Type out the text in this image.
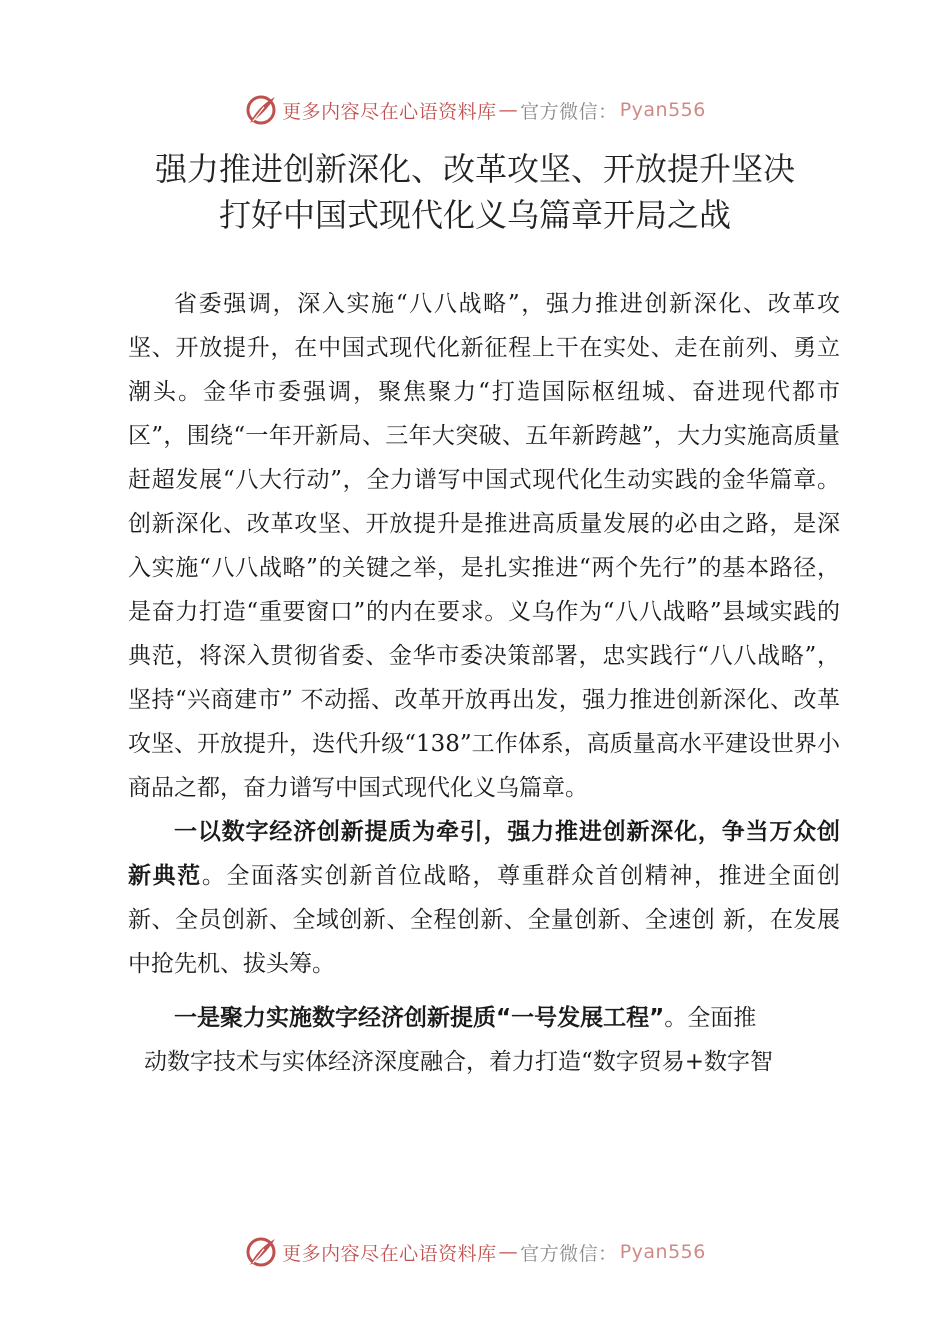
更多内容尽在心语资料库 — 官方微信： Pyan556
强力推进创新深化、改革攻坚、开放提升坚决
打好中国式现代化义乌篇章开局之战

省委强调，深入实施“八八战略”，强力推进创新深化、改革攻坚、开放提升，在中国式现代化新征程上干在实处、走在前列、勇立潮头。金华市委强调，聚焦聚力“打造国际枢纽城、奋进现代都市区”，围绕“一年开新局、三年大突破、五年新跨越”，大力实施高质量赶超发展“八大行动”，全力谱写中国式现代化生动实践的金华篇章。创新深化、改革攻坚、开放提升是推进高质量发展的必由之路，是深入实施“八八战略”的关键之举，是扎实推进“两个先行”的基本路径，是奋力打造“重要窗口”的内在要求。义乌作为“八八战略”县域实践的典范，将深入贯彻省委、金华市委决策部署，忠实践行“八八战略”，坚持“兴商建市” 不动摇、改革开放再出发，强力推进创新深化、改革攻坚、开放提升，迭代升级“138”工作体系，高质量高水平建设世界小商品之都，奋力谱写中国式现代化义乌篇章。

一以数字经济创新提质为牵引，强力推进创新深化，争当万众创新典范。全面落实创新首位战略，尊重群众首创精神，推进全面创新、全员创新、全域创新、全程创新、全量创新、全速创 新，在发展中抢先机、拔头筹。

一是聚力实施数字经济创新提质“一号发展工程”。全面推

动数字技术与实体经济深度融合，着力打造“数字贸易+数字智

更多内容尽在心语资料库 — 官方微信： Pyan556
